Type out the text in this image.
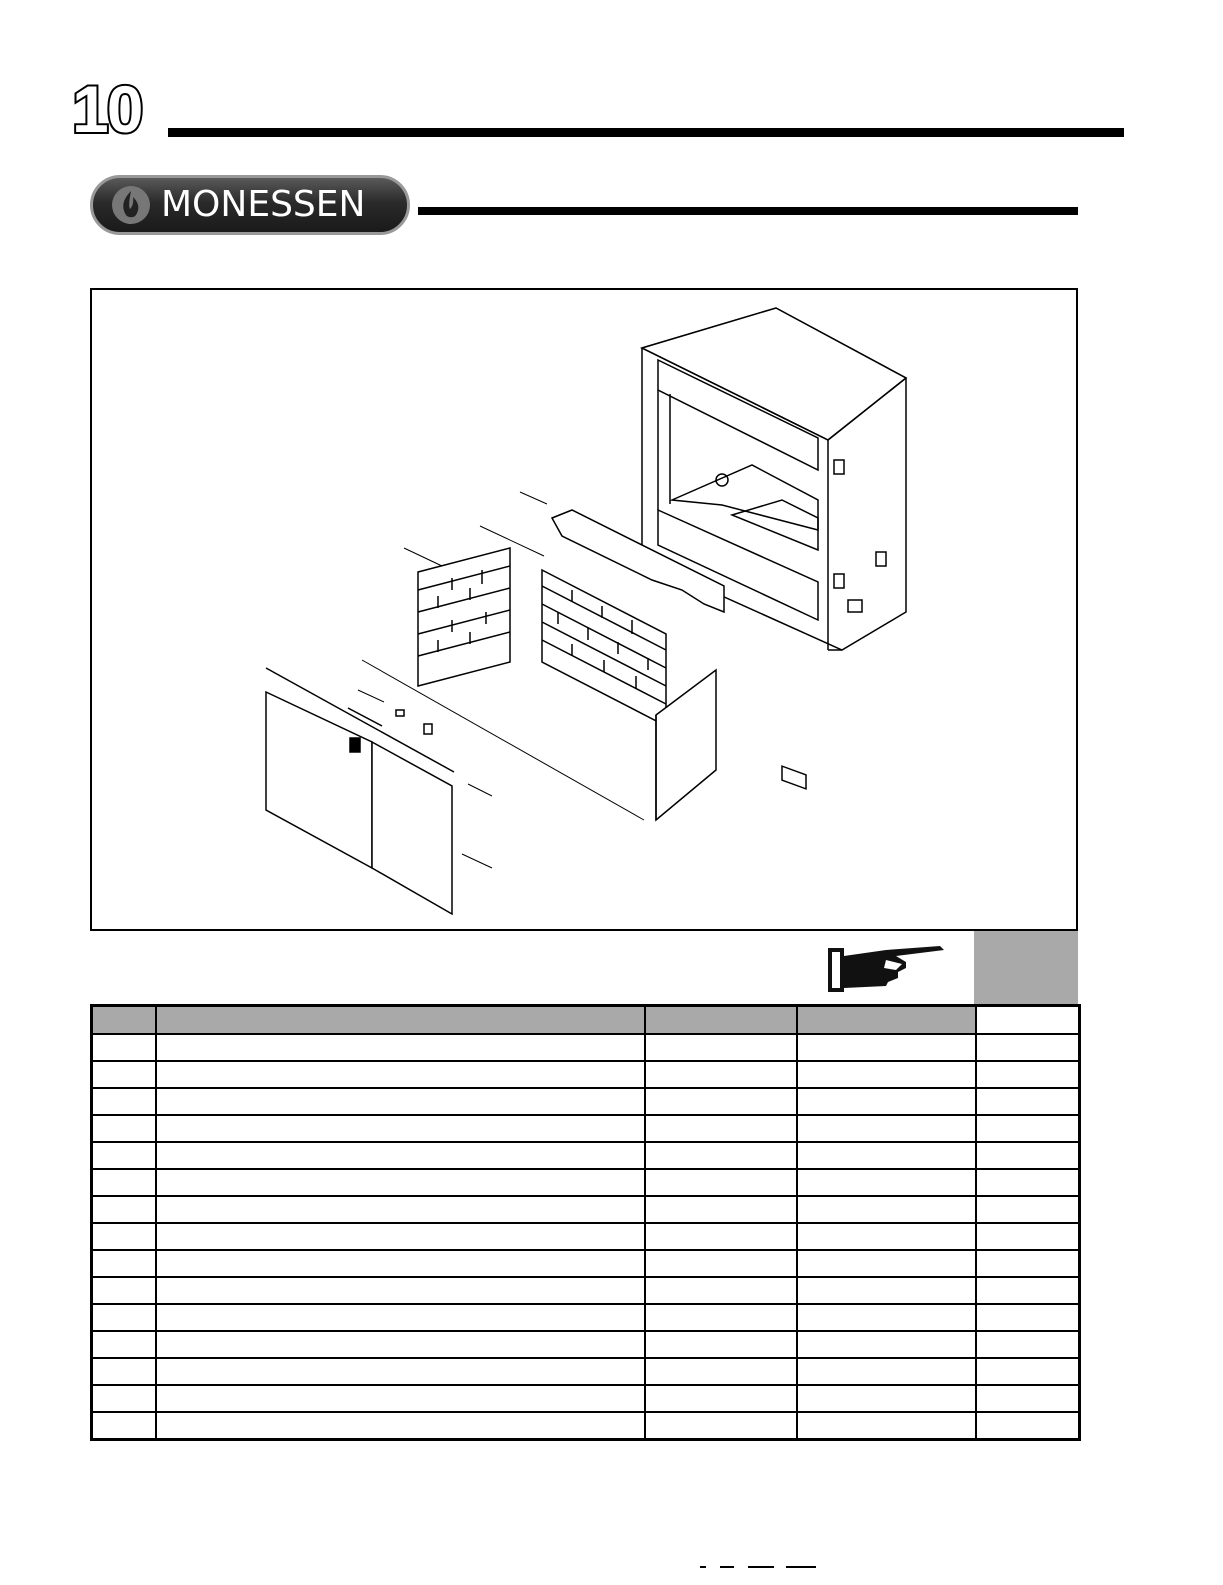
10
MONESSEN
